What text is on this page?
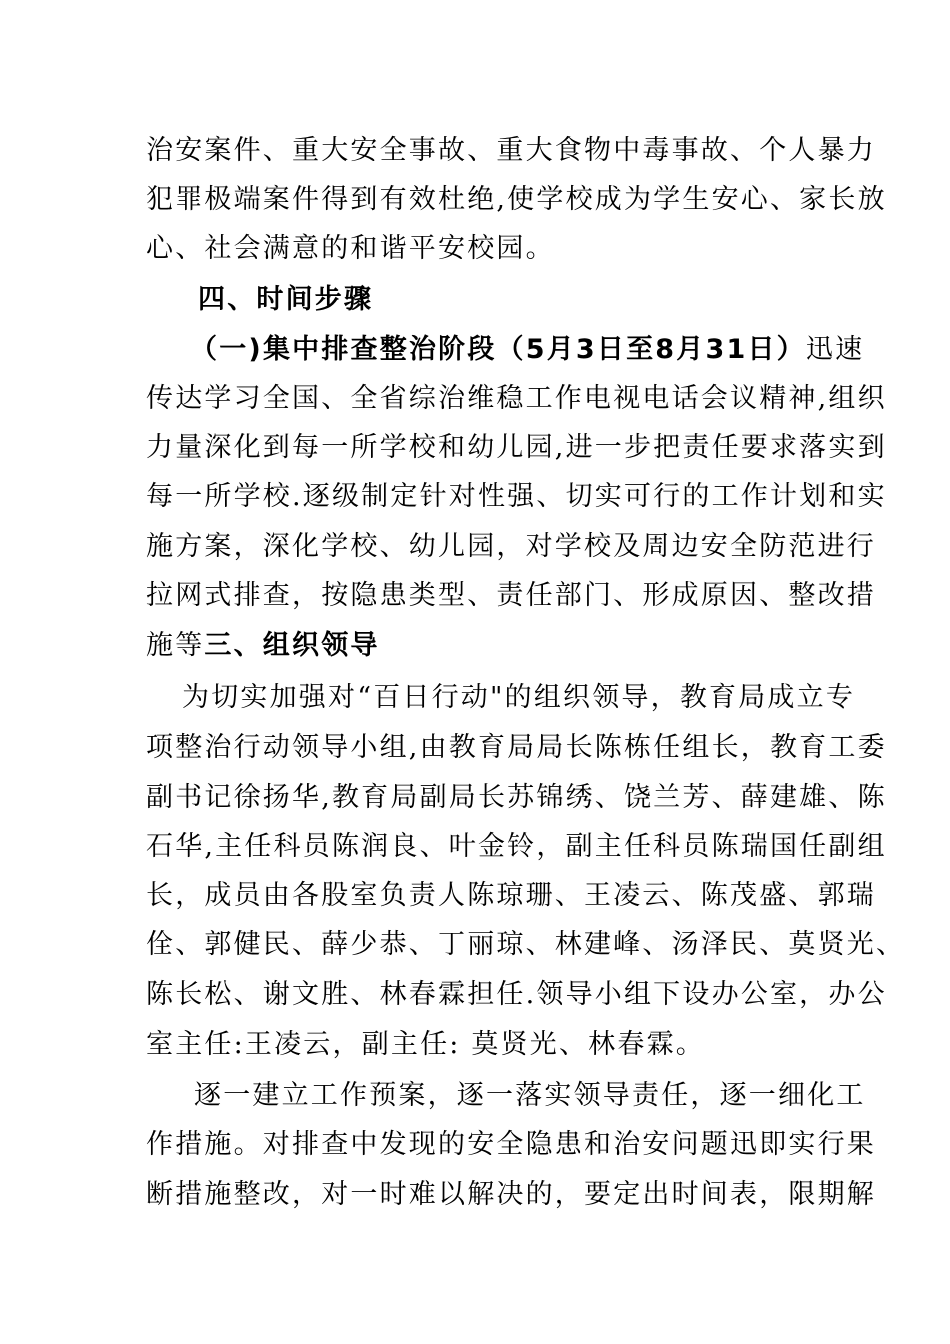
治安案件、重大安全事故、重大食物中毒事故、个人暴力

犯罪极端案件得到有效杜绝,使学校成为学生安心、家长放

心、社会满意的和谐平安校园。

四、时间步骤

（一)集中排查整治阶段（5月3日至8月31日）迅速

传达学习全国、全省综治维稳工作电视电话会议精神,组织

力量深化到每一所学校和幼儿园,进一步把责任要求落实到

每一所学校.逐级制定针对性强、切实可行的工作计划和实

施方案，深化学校、幼儿园，对学校及周边安全防范进行

拉网式排查，按隐患类型、责任部门、形成原因、整改措

施等三、组织领导

为切实加强对“百日行动"的组织领导，教育局成立专

项整治行动领导小组,由教育局局长陈栋任组长，教育工委

副书记徐扬华,教育局副局长苏锦绣、饶兰芳、薛建雄、陈

石华,主任科员陈润良、叶金铃，副主任科员陈瑞国任副组

长，成员由各股室负责人陈琼珊、王凌云、陈茂盛、郭瑞

佺、郭健民、薛少恭、丁丽琼、林建峰、汤泽民、莫贤光、

陈长松、谢文胜、林春霖担任.领导小组下设办公室，办公

室主任:王凌云，副主任: 莫贤光、林春霖。

逐一建立工作预案，逐一落实领导责任，逐一细化工

作措施。对排查中发现的安全隐患和治安问题迅即实行果

断措施整改，对一时难以解决的，要定出时间表，限期解
